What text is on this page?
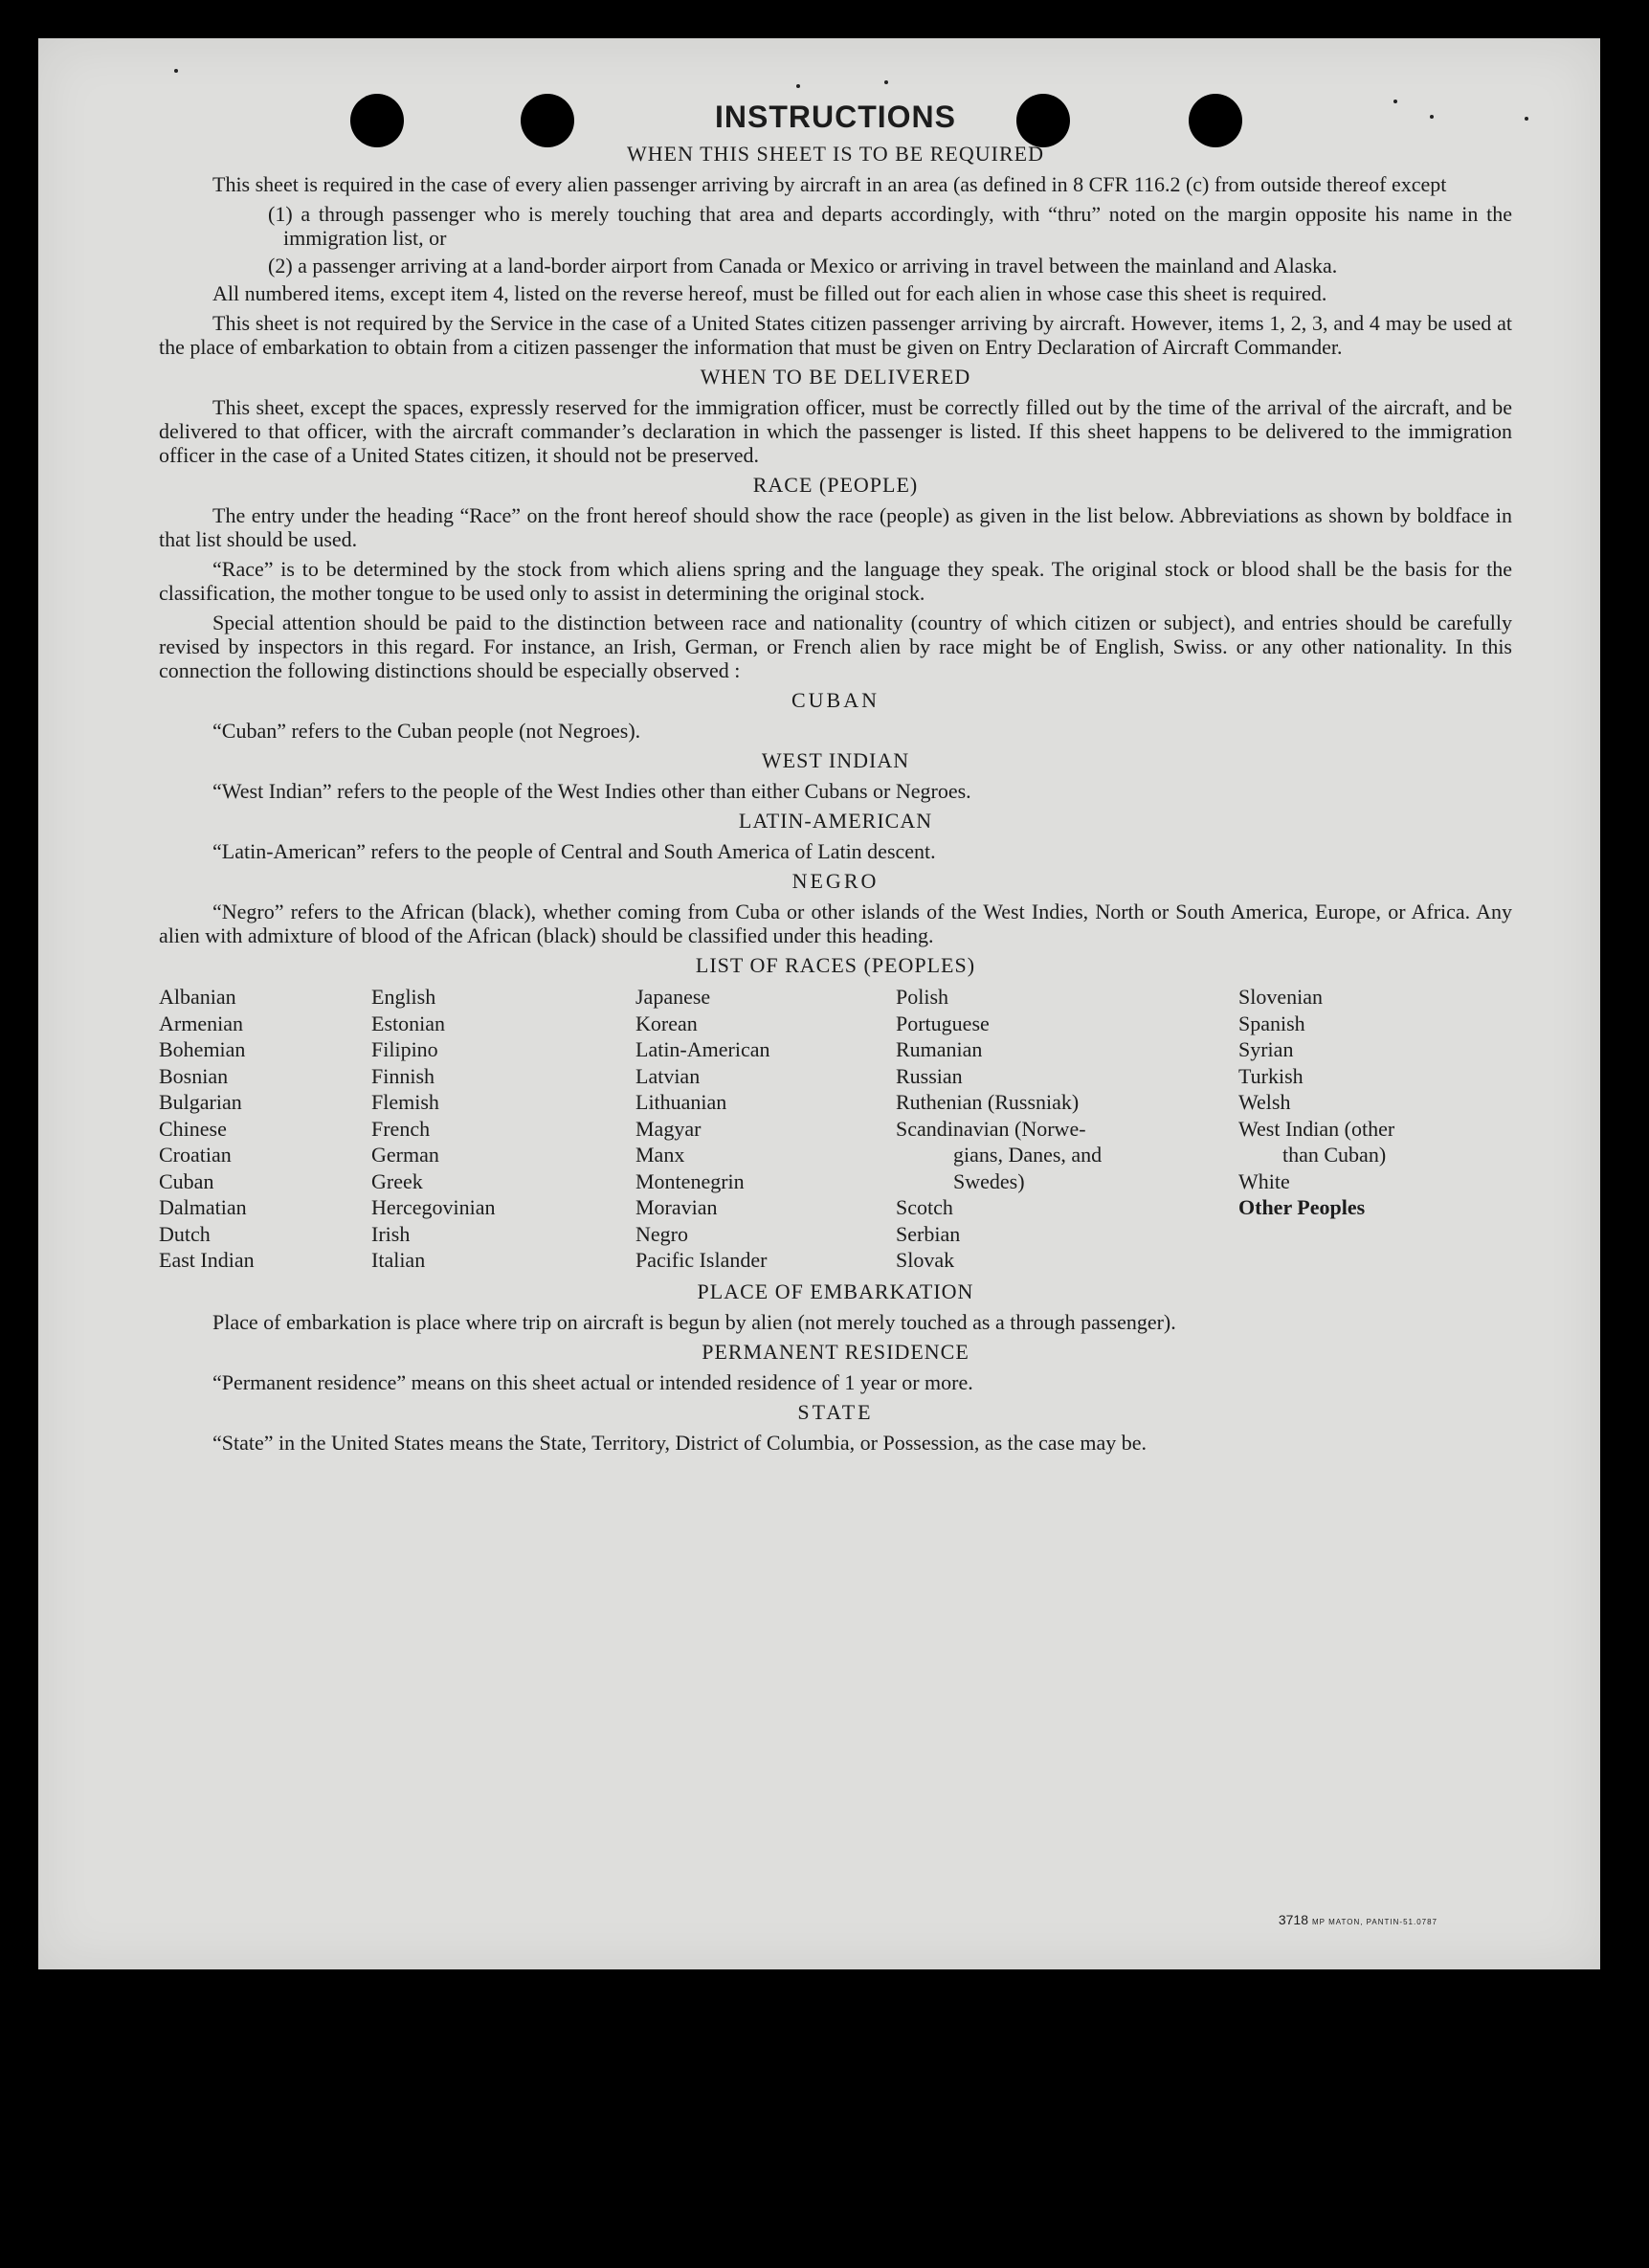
INSTRUCTIONS
WHEN THIS SHEET IS TO BE REQUIRED

This sheet is required in the case of every alien passenger arriving by aircraft in an area (as defined in 8 CFR 116.2 (c) from outside thereof except

(1) a through passenger who is merely touching that area and departs accordingly, with “thru” noted on the margin opposite his name in the immigration list, or
(2) a passenger arriving at a land-border airport from Canada or Mexico or arriving in travel between the mainland and Alaska.

All numbered items, except item 4, listed on the reverse hereof, must be filled out for each alien in whose case this sheet is required.

This sheet is not required by the Service in the case of a United States citizen passenger arriving by aircraft. However, items 1, 2, 3, and 4 may be used at the place of embarkation to obtain from a citizen passenger the information that must be given on Entry Declaration of Aircraft Commander.

WHEN TO BE DELIVERED

This sheet, except the spaces, expressly reserved for the immigration officer, must be correctly filled out by the time of the arrival of the aircraft, and be delivered to that officer, with the aircraft commander’s declaration in which the passenger is listed. If this sheet happens to be delivered to the immigration officer in the case of a United States citizen, it should not be preserved.

RACE (PEOPLE)

The entry under the heading “Race” on the front hereof should show the race (people) as given in the list below. Abbreviations as shown by boldface in that list should be used.

“Race” is to be determined by the stock from which aliens spring and the language they speak. The original stock or blood shall be the basis for the classification, the mother tongue to be used only to assist in determining the original stock.

Special attention should be paid to the distinction between race and nationality (country of which citizen or subject), and entries should be carefully revised by inspectors in this regard. For instance, an Irish, German, or French alien by race might be of English, Swiss. or any other nationality. In this connection the following distinctions should be especially observed :

CUBAN

“Cuban” refers to the Cuban people (not Negroes).

WEST INDIAN

“West Indian” refers to the people of the West Indies other than either Cubans or Negroes.

LATIN-AMERICAN

“Latin-American” refers to the people of Central and South America of Latin descent.

NEGRO

“Negro” refers to the African (black), whether coming from Cuba or other islands of the West Indies, North or South America, Europe, or Africa. Any alien with admixture of blood of the African (black) should be classified under this heading.

LIST OF RACES (PEOPLES)
Albanian
Armenian
Bohemian
Bosnian
Bulgarian
Chinese
Croatian
Cuban
Dalmatian
Dutch
East Indian
English
Estonian
Filipino
Finnish
Flemish
French
German
Greek
Hercegovinian
Irish
Italian
Japanese
Korean
Latin-American
Latvian
Lithuanian
Magyar
Manx
Montenegrin
Moravian
Negro
Pacific Islander
Polish
Portuguese
Rumanian
Russian
Ruthenian (Russniak)
Scandinavian (Norwe-
gians, Danes, and
Swedes)
Scotch
Serbian
Slovak
Slovenian
Spanish
Syrian
Turkish
Welsh
West Indian (other
than Cuban)
White
Other Peoples
PLACE OF EMBARKATION

Place of embarkation is place where trip on aircraft is begun by alien (not merely touched as a through passenger).

PERMANENT RESIDENCE

“Permanent residence” means on this sheet actual or intended residence of 1 year or more.

STATE

“State” in the United States means the State, Territory, District of Columbia, or Possession, as the case may be.

3718 MP MATON, PANTIN-51.0787
